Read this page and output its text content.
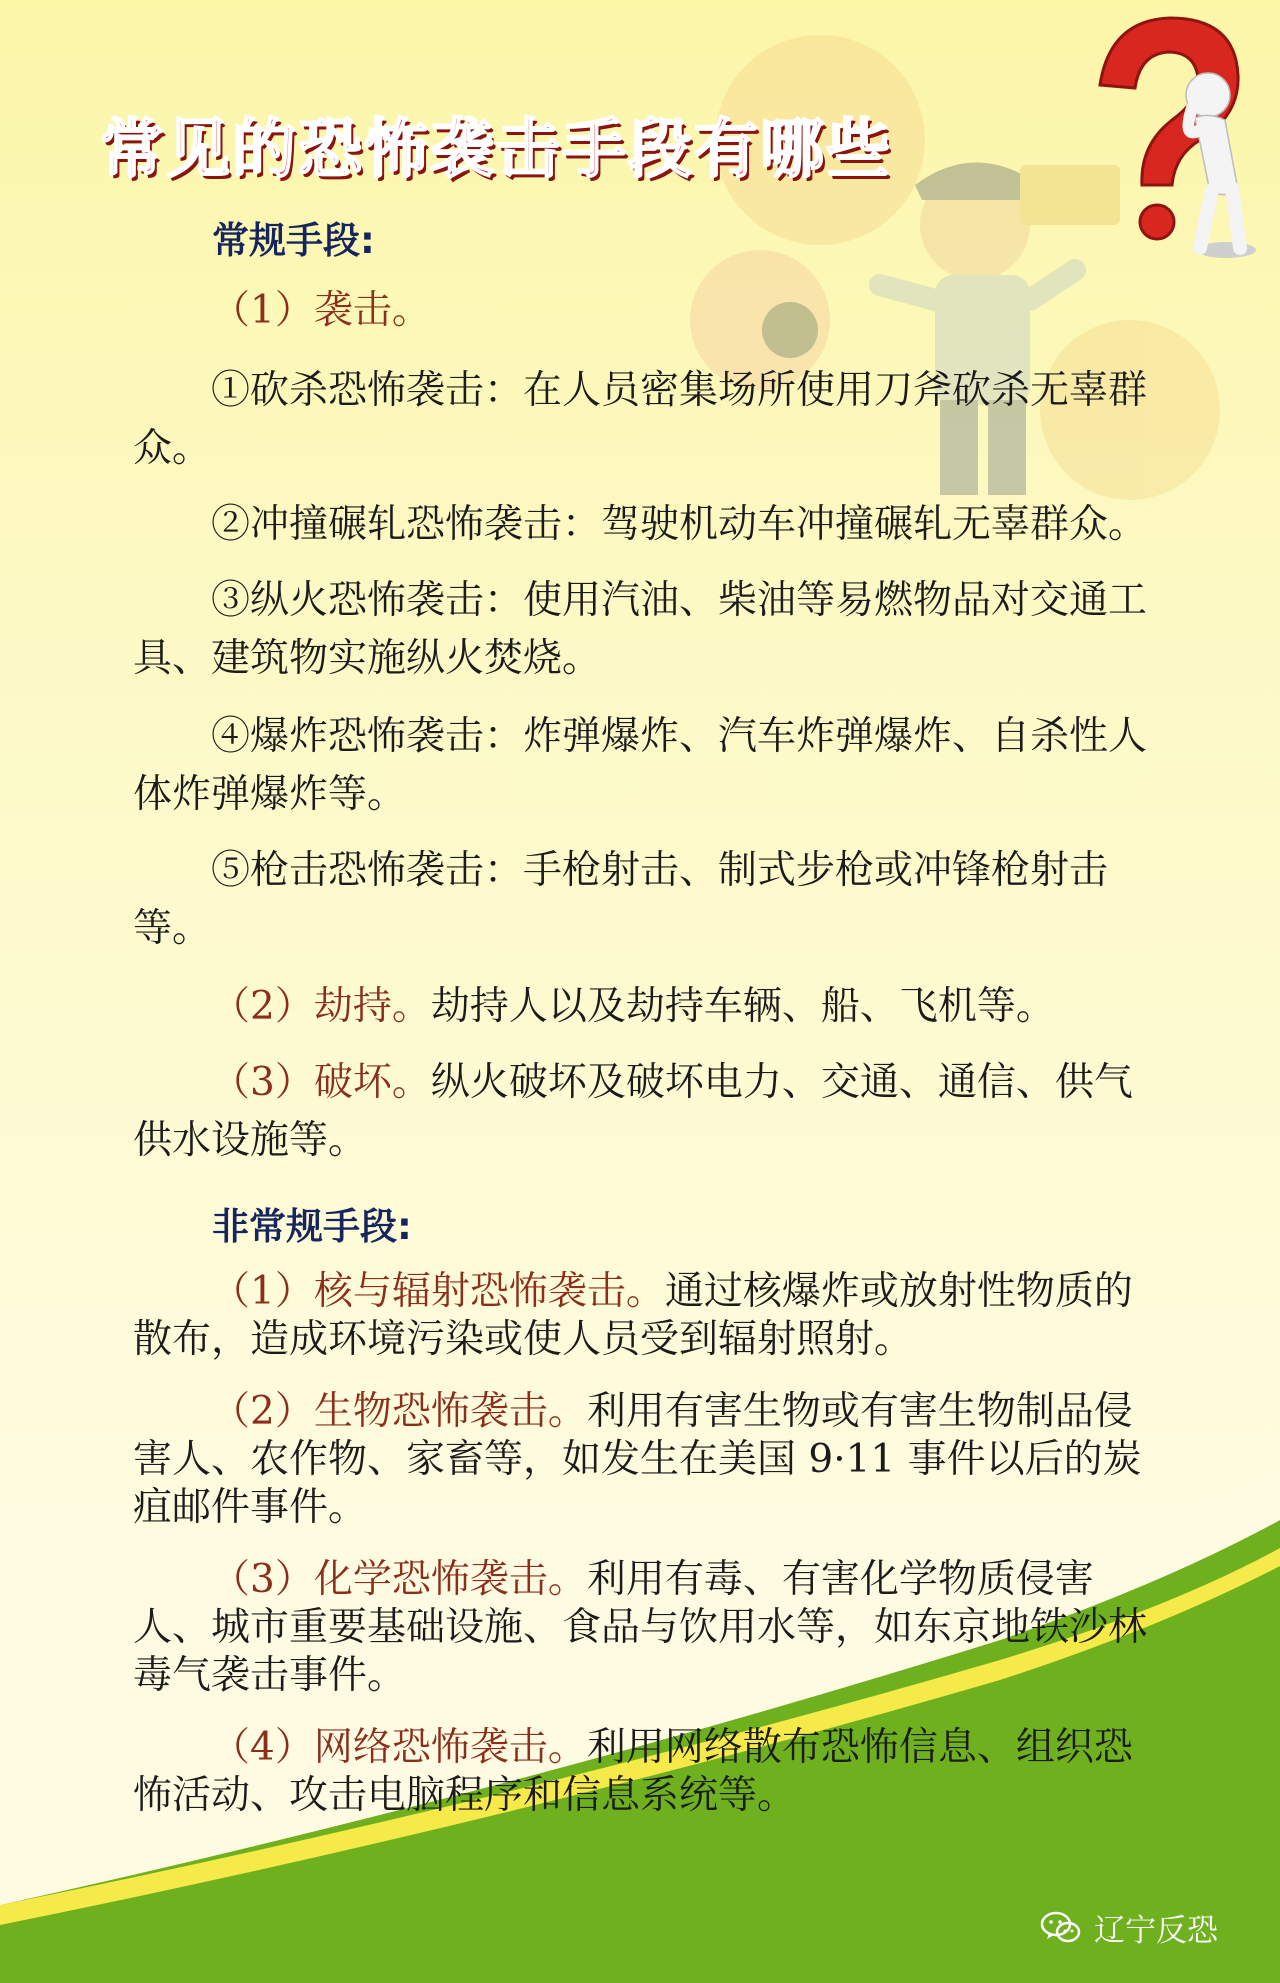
常见的恐怖袭击手段有哪些
常规手段:
（1）袭击。
①砍杀恐怖袭击：在人员密集场所使用刀斧砍杀无辜群众。
②冲撞碾轧恐怖袭击：驾驶机动车冲撞碾轧无辜群众。
③纵火恐怖袭击：使用汽油、柴油等易燃物品对交通工具、建筑物实施纵火焚烧。
④爆炸恐怖袭击：炸弹爆炸、汽车炸弹爆炸、自杀性人体炸弹爆炸等。
⑤枪击恐怖袭击：手枪射击、制式步枪或冲锋枪射击等。
（2）劫持。劫持人以及劫持车辆、船、飞机等。
（3）破坏。纵火破坏及破坏电力、交通、通信、供气供水设施等。
非常规手段:
（1）核与辐射恐怖袭击。通过核爆炸或放射性物质的散布，造成环境污染或使人员受到辐射照射。
（2）生物恐怖袭击。利用有害生物或有害生物制品侵害人、农作物、家畜等，如发生在美国 9·11 事件以后的炭疽邮件事件。
（3）化学恐怖袭击。利用有毒、有害化学物质侵害人、城市重要基础设施、食品与饮用水等，如东京地铁沙林毒气袭击事件。
（4）网络恐怖袭击。利用网络散布恐怖信息、组织恐怖活动、攻击电脑程序和信息系统等。
辽宁反恐
